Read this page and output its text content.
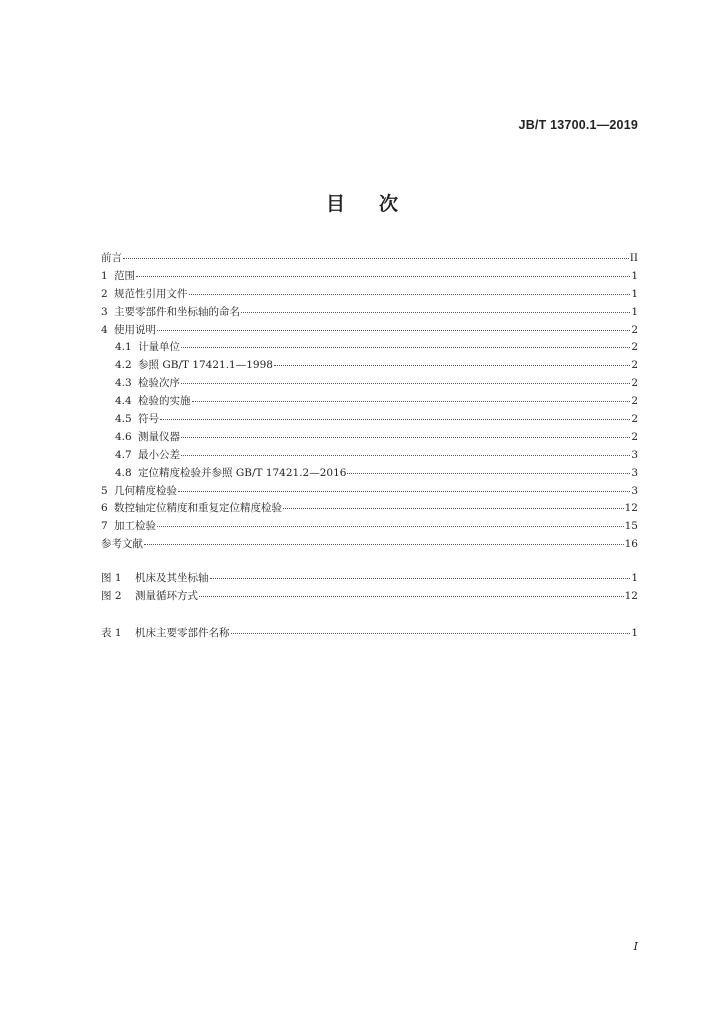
JB/T 13700.1—2019
目 次
前言	II
1 范围	1
2 规范性引用文件	1
3 主要零部件和坐标轴的命名	1
4 使用说明	2
4.1 计量单位	2
4.2 参照 GB/T 17421.1—1998	2
4.3 检验次序	2
4.4 检验的实施	2
4.5 符号	2
4.6 测量仪器	2
4.7 最小公差	3
4.8 定位精度检验并参照 GB/T 17421.2—2016	3
5 几何精度检验	3
6 数控轴定位精度和重复定位精度检验	12
7 加工检验	15
参考文献	16
图 1	机床及其坐标轴	1
图 2	测量循环方式	12
表 1	机床主要零部件名称	1
I
